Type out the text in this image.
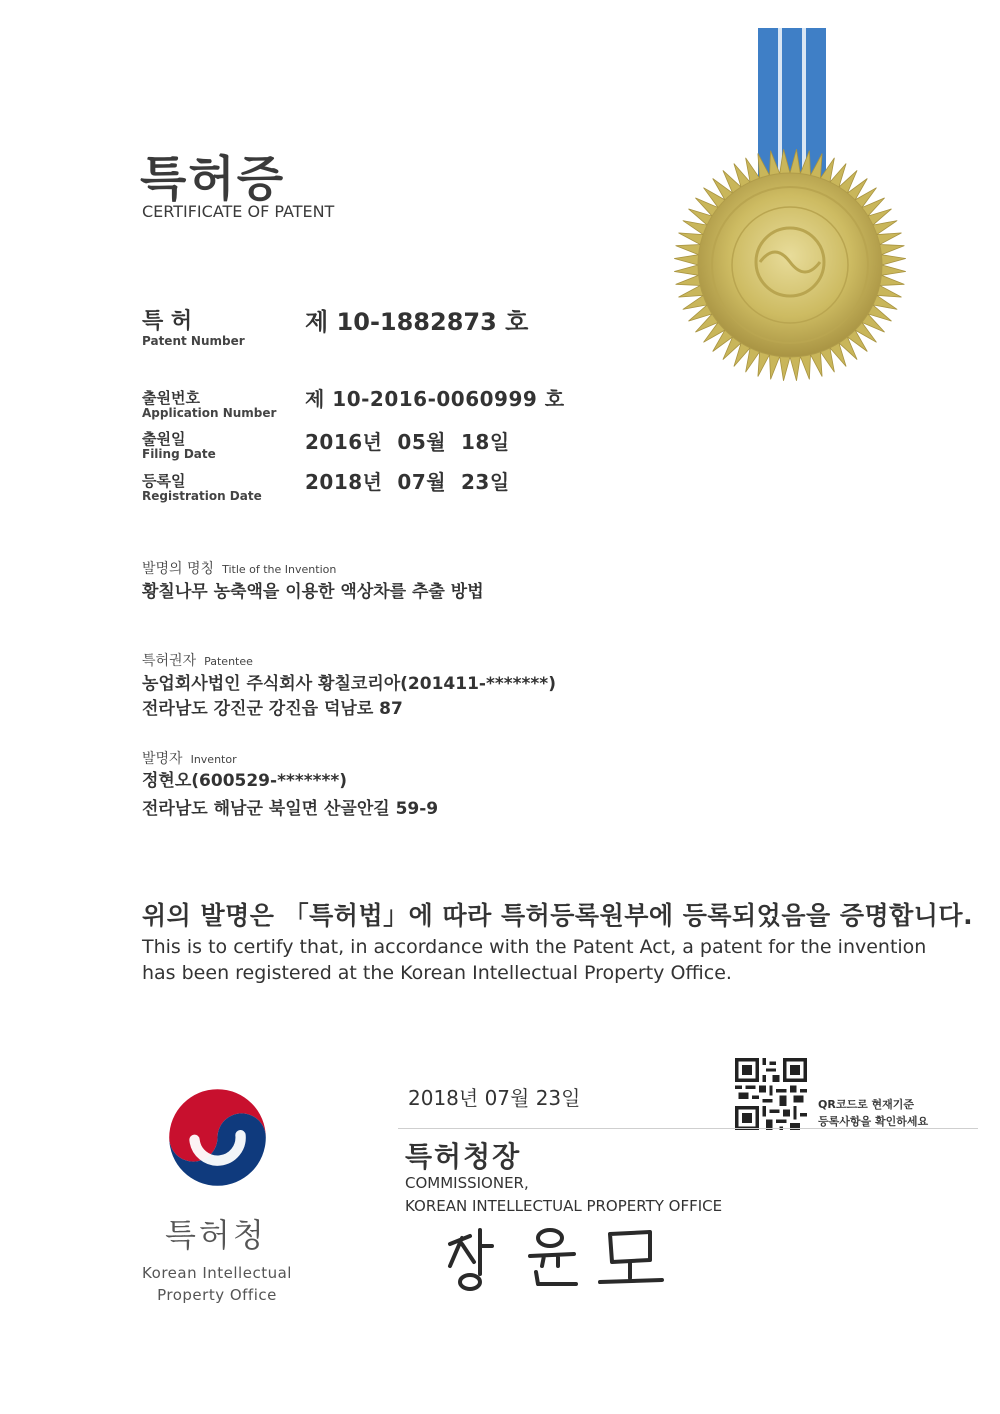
특허증
CERTIFICATE OF PATENT
특 허
Patent Number
제 10-1882873 호
출원번호
Application Number
제 10-2016-0060999 호
출원일
Filing Date	2016년  05월  18일
등록일
Registration Date
2018년  07월  23일
발명의 명칭 Title of the Invention
황칠나무 농축액을 이용한 액상차를 추출 방법
특허권자 Patentee
농업회사법인 주식회사 황칠코리아(201411-*******)
전라남도 강진군 강진읍 덕남로 87
발명자 Inventor
정현오(600529-*******)
전라남도 해남군 북일면 산골안길 59-9
위의 발명은 「특허법」에 따라 특허등록원부에 등록되었음을 증명합니다.
This is to certify that, in accordance with the Patent Act, a patent for the invention
has been registered at the Korean Intellectual Property Office.
특허청
Korean Intellectual
Property Office
2018년 07월 23일	QR코드로 현재기준
등록사항을 확인하세요
특허청장
COMMISSIONER,
KOREAN INTELLECTUAL PROPERTY OFFICE
